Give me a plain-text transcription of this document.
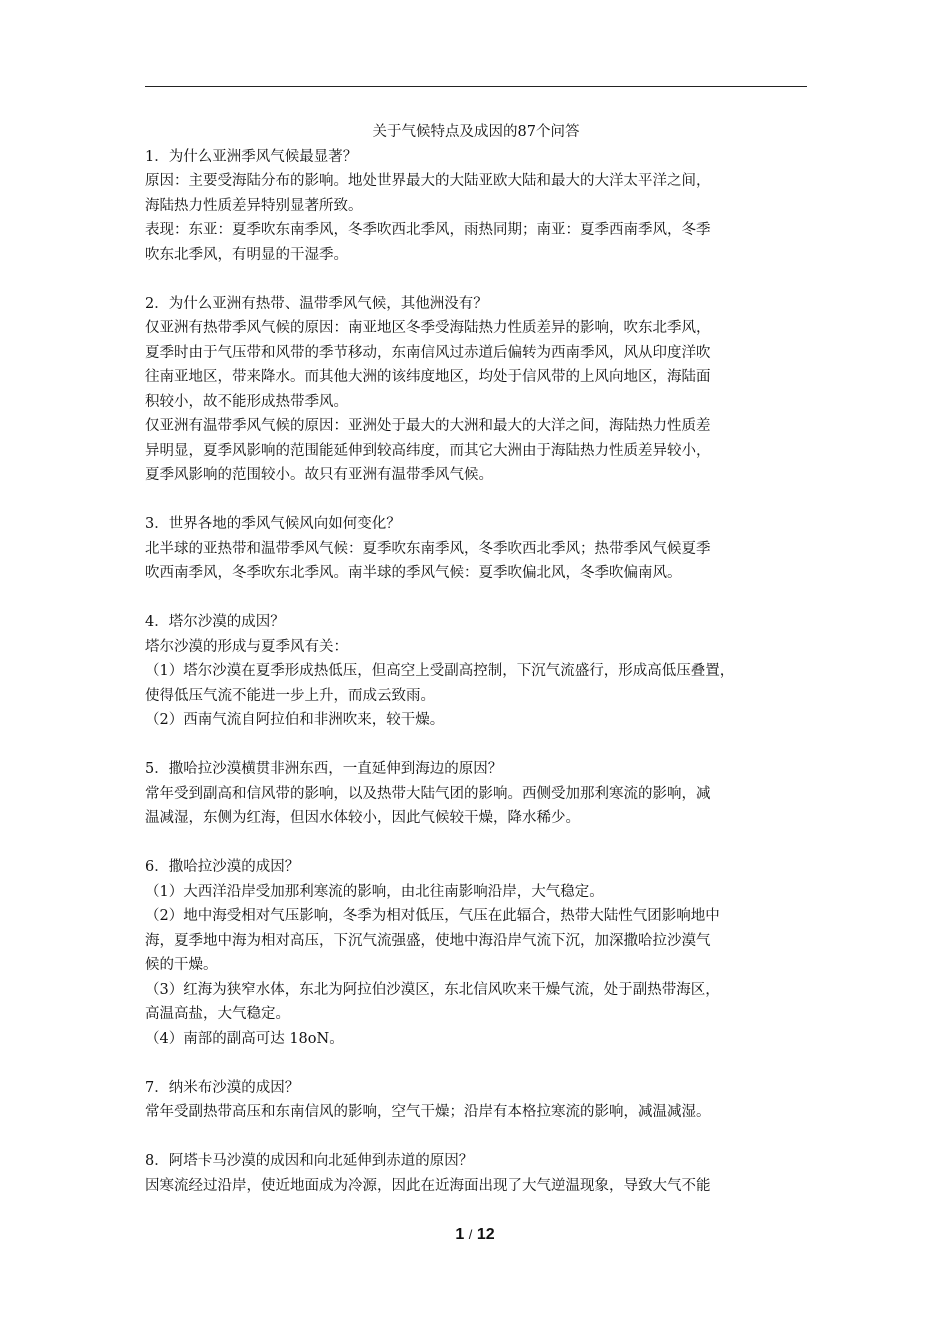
关于气候特点及成因的87个问答

1．为什么亚洲季风气候最显著？

原因：主要受海陆分布的影响。地处世界最大的大陆亚欧大陆和最大的大洋太平洋之间，

海陆热力性质差异特别显著所致。

表现：东亚：夏季吹东南季风，冬季吹西北季风，雨热同期；南亚：夏季西南季风，冬季

吹东北季风，有明显的干湿季。

2．为什么亚洲有热带、温带季风气候，其他洲没有？

仅亚洲有热带季风气候的原因：南亚地区冬季受海陆热力性质差异的影响，吹东北季风，

夏季时由于气压带和风带的季节移动，东南信风过赤道后偏转为西南季风，风从印度洋吹

往南亚地区，带来降水。而其他大洲的该纬度地区，均处于信风带的上风向地区，海陆面

积较小，故不能形成热带季风。

仅亚洲有温带季风气候的原因：亚洲处于最大的大洲和最大的大洋之间，海陆热力性质差

异明显，夏季风影响的范围能延伸到较高纬度，而其它大洲由于海陆热力性质差异较小，

夏季风影响的范围较小。故只有亚洲有温带季风气候。

3．世界各地的季风气候风向如何变化？

北半球的亚热带和温带季风气候：夏季吹东南季风，冬季吹西北季风；热带季风气候夏季

吹西南季风，冬季吹东北季风。南半球的季风气候：夏季吹偏北风，冬季吹偏南风。

4．塔尔沙漠的成因？

塔尔沙漠的形成与夏季风有关：

（1）塔尔沙漠在夏季形成热低压，但高空上受副高控制，下沉气流盛行，形成高低压叠置，

使得低压气流不能进一步上升，而成云致雨。

（2）西南气流自阿拉伯和非洲吹来，较干燥。

5．撒哈拉沙漠横贯非洲东西，一直延伸到海边的原因？

常年受到副高和信风带的影响，以及热带大陆气团的影响。西侧受加那利寒流的影响，减

温减湿，东侧为红海，但因水体较小，因此气候较干燥，降水稀少。

6．撒哈拉沙漠的成因？

（1）大西洋沿岸受加那利寒流的影响，由北往南影响沿岸，大气稳定。

（2）地中海受相对气压影响，冬季为相对低压，气压在此辐合，热带大陆性气团影响地中

海，夏季地中海为相对高压，下沉气流强盛，使地中海沿岸气流下沉，加深撒哈拉沙漠气

候的干燥。

（3）红海为狭窄水体，东北为阿拉伯沙漠区，东北信风吹来干燥气流，处于副热带海区，

高温高盐，大气稳定。

（4）南部的副高可达 18oN。

7．纳米布沙漠的成因？

常年受副热带高压和东南信风的影响，空气干燥；沿岸有本格拉寒流的影响，减温减湿。

8．阿塔卡马沙漠的成因和向北延伸到赤道的原因？

因寒流经过沿岸，使近地面成为冷源，因此在近海面出现了大气逆温现象，导致大气不能

1 / 12
